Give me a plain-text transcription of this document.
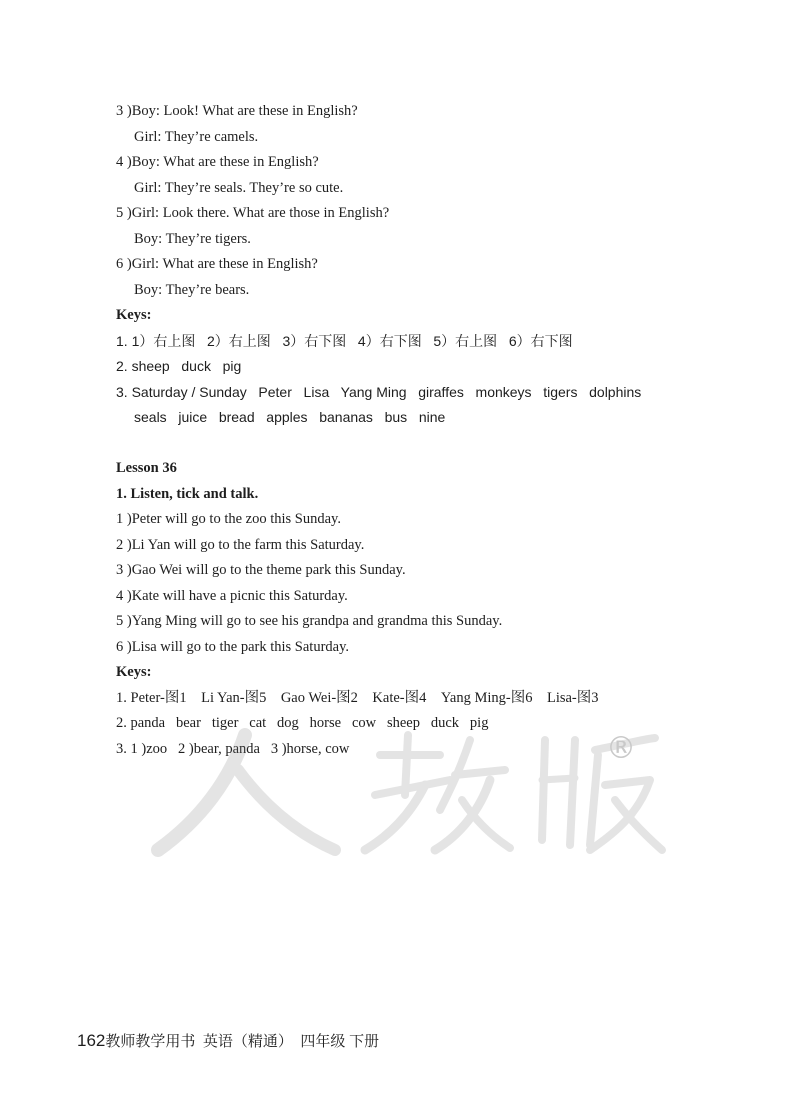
3 )Boy: Look! What are these in English?
Girl: They’re camels.
4 )Boy: What are these in English?
Girl: They’re seals. They’re so cute.
5 )Girl: Look there. What are those in English?
Boy: They’re tigers.
6 )Girl: What are these in English?
Boy: They’re bears.
Keys:
1. 1）右上图   2）右上图   3）右下图   4）右下图   5）右上图   6）右下图
2. sheep   duck   pig
3. Saturday / Sunday   Peter   Lisa   Yang Ming   giraffes   monkeys   tigers   dolphins
seals   juice   bread   apples   bananas   bus   nine
Lesson 36
1. Listen, tick and talk.
1 )Peter will go to the zoo this Sunday.
2 )Li Yan will go to the farm this Saturday.
3 )Gao Wei will go to the theme park this Sunday.
4 )Kate will have a picnic this Saturday.
5 )Yang Ming will go to see his grandpa and grandma this Sunday.
6 )Lisa will go to the park this Saturday.
Keys:
1. Peter-图1    Li Yan-图5    Gao Wei-图2    Kate-图4    Yang Ming-图6    Lisa-图3
2. panda   bear   tiger   cat   dog   horse   cow   sheep   duck   pig
3. 1 )zoo   2 )bear, panda   3 )horse, cow	®

162教师教学用书  英语（精通）  四年级 下册
